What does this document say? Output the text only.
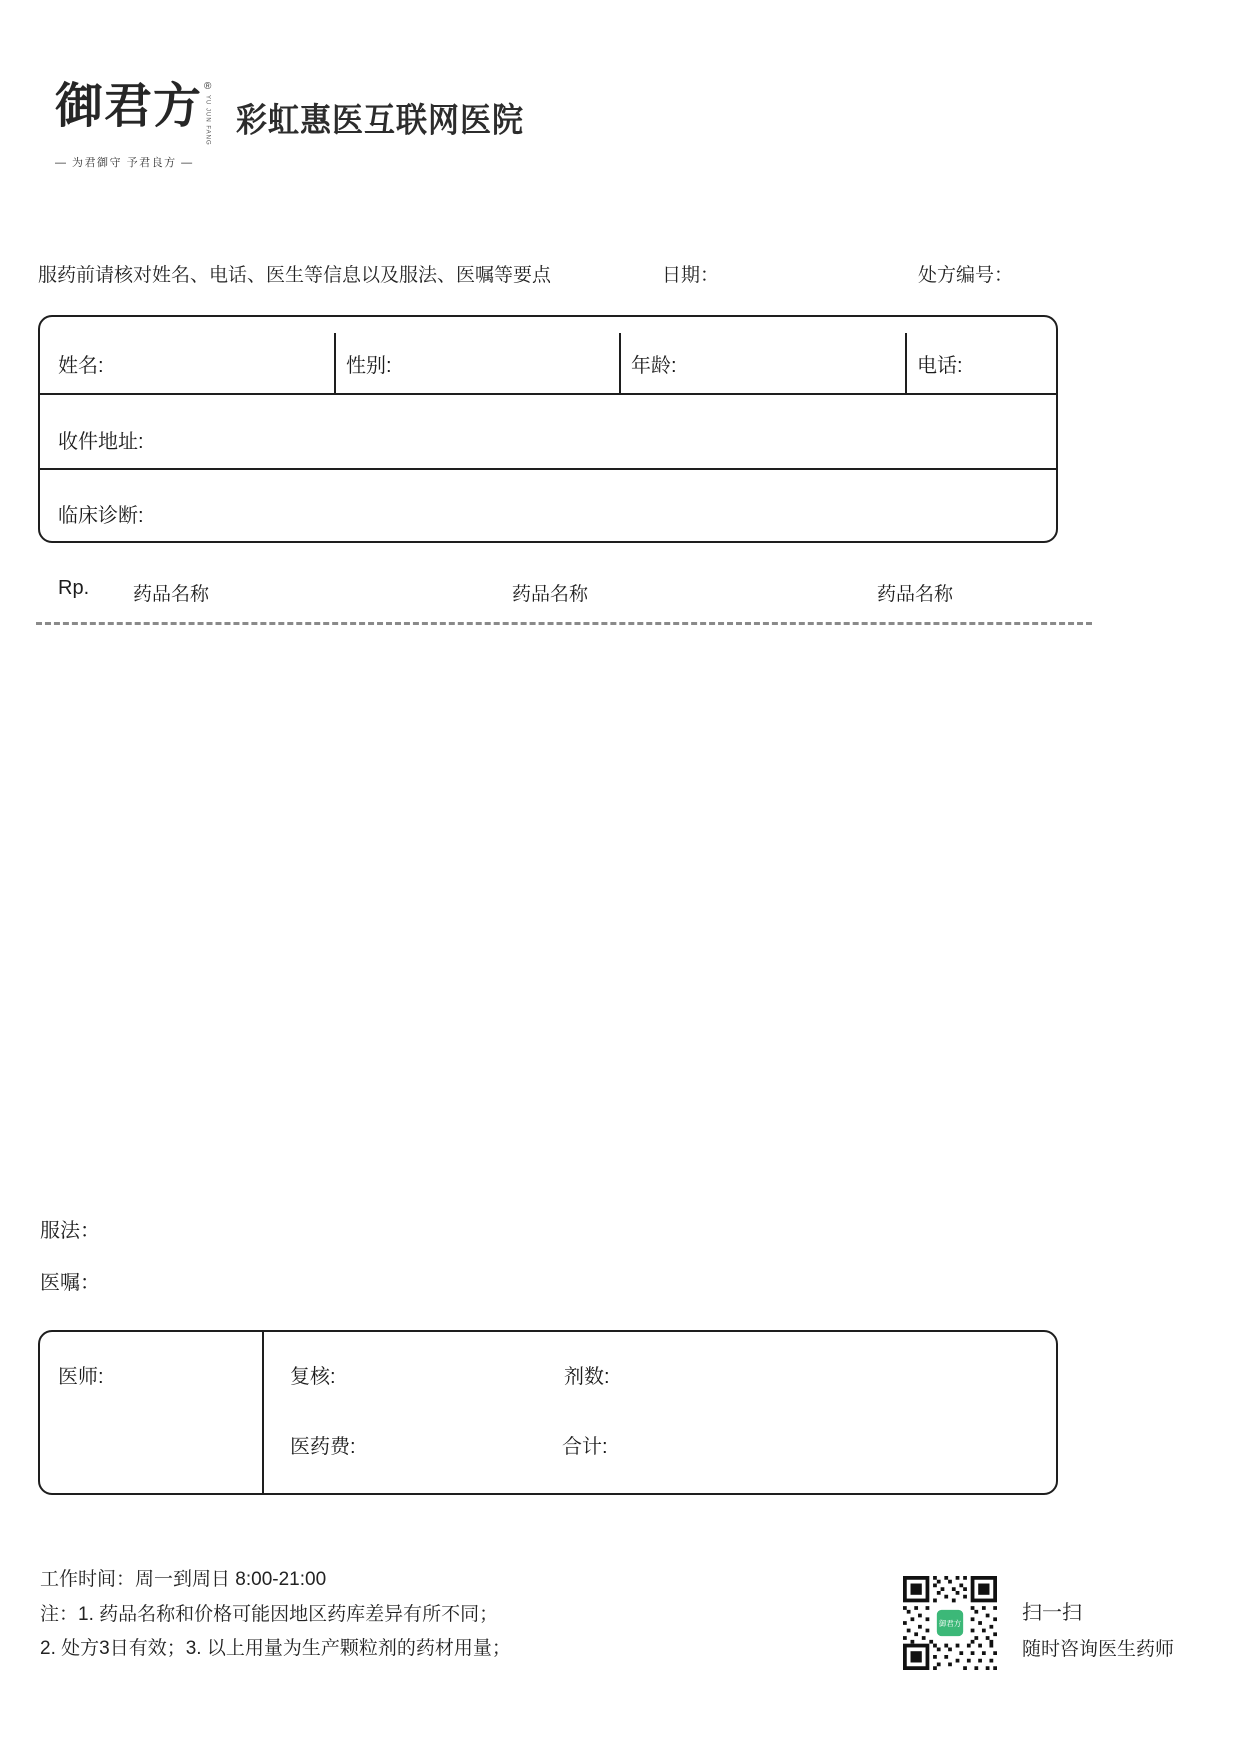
御君方 ®
YU JUN FANG
— 为君御守 予君良方 —
彩虹惠医互联网医院
服药前请核对姓名、电话、医生等信息以及服法、医嘱等要点	日期：	处方编号：
姓名:	性别:	年龄:	电话:
收件地址:
临床诊断:
Rp. 药品名称	药品名称	药品名称
服法：
医嘱：
医师:	复核:	剂数:
医药费:	合计:
工作时间：周一到周日 8:00-21:00
注：1. 药品名称和价格可能因地区药库差异有所不同；
2. 处方3日有效；3. 以上用量为生产颗粒剂的药材用量；
御君方	扫一扫
随时咨询医生药师
